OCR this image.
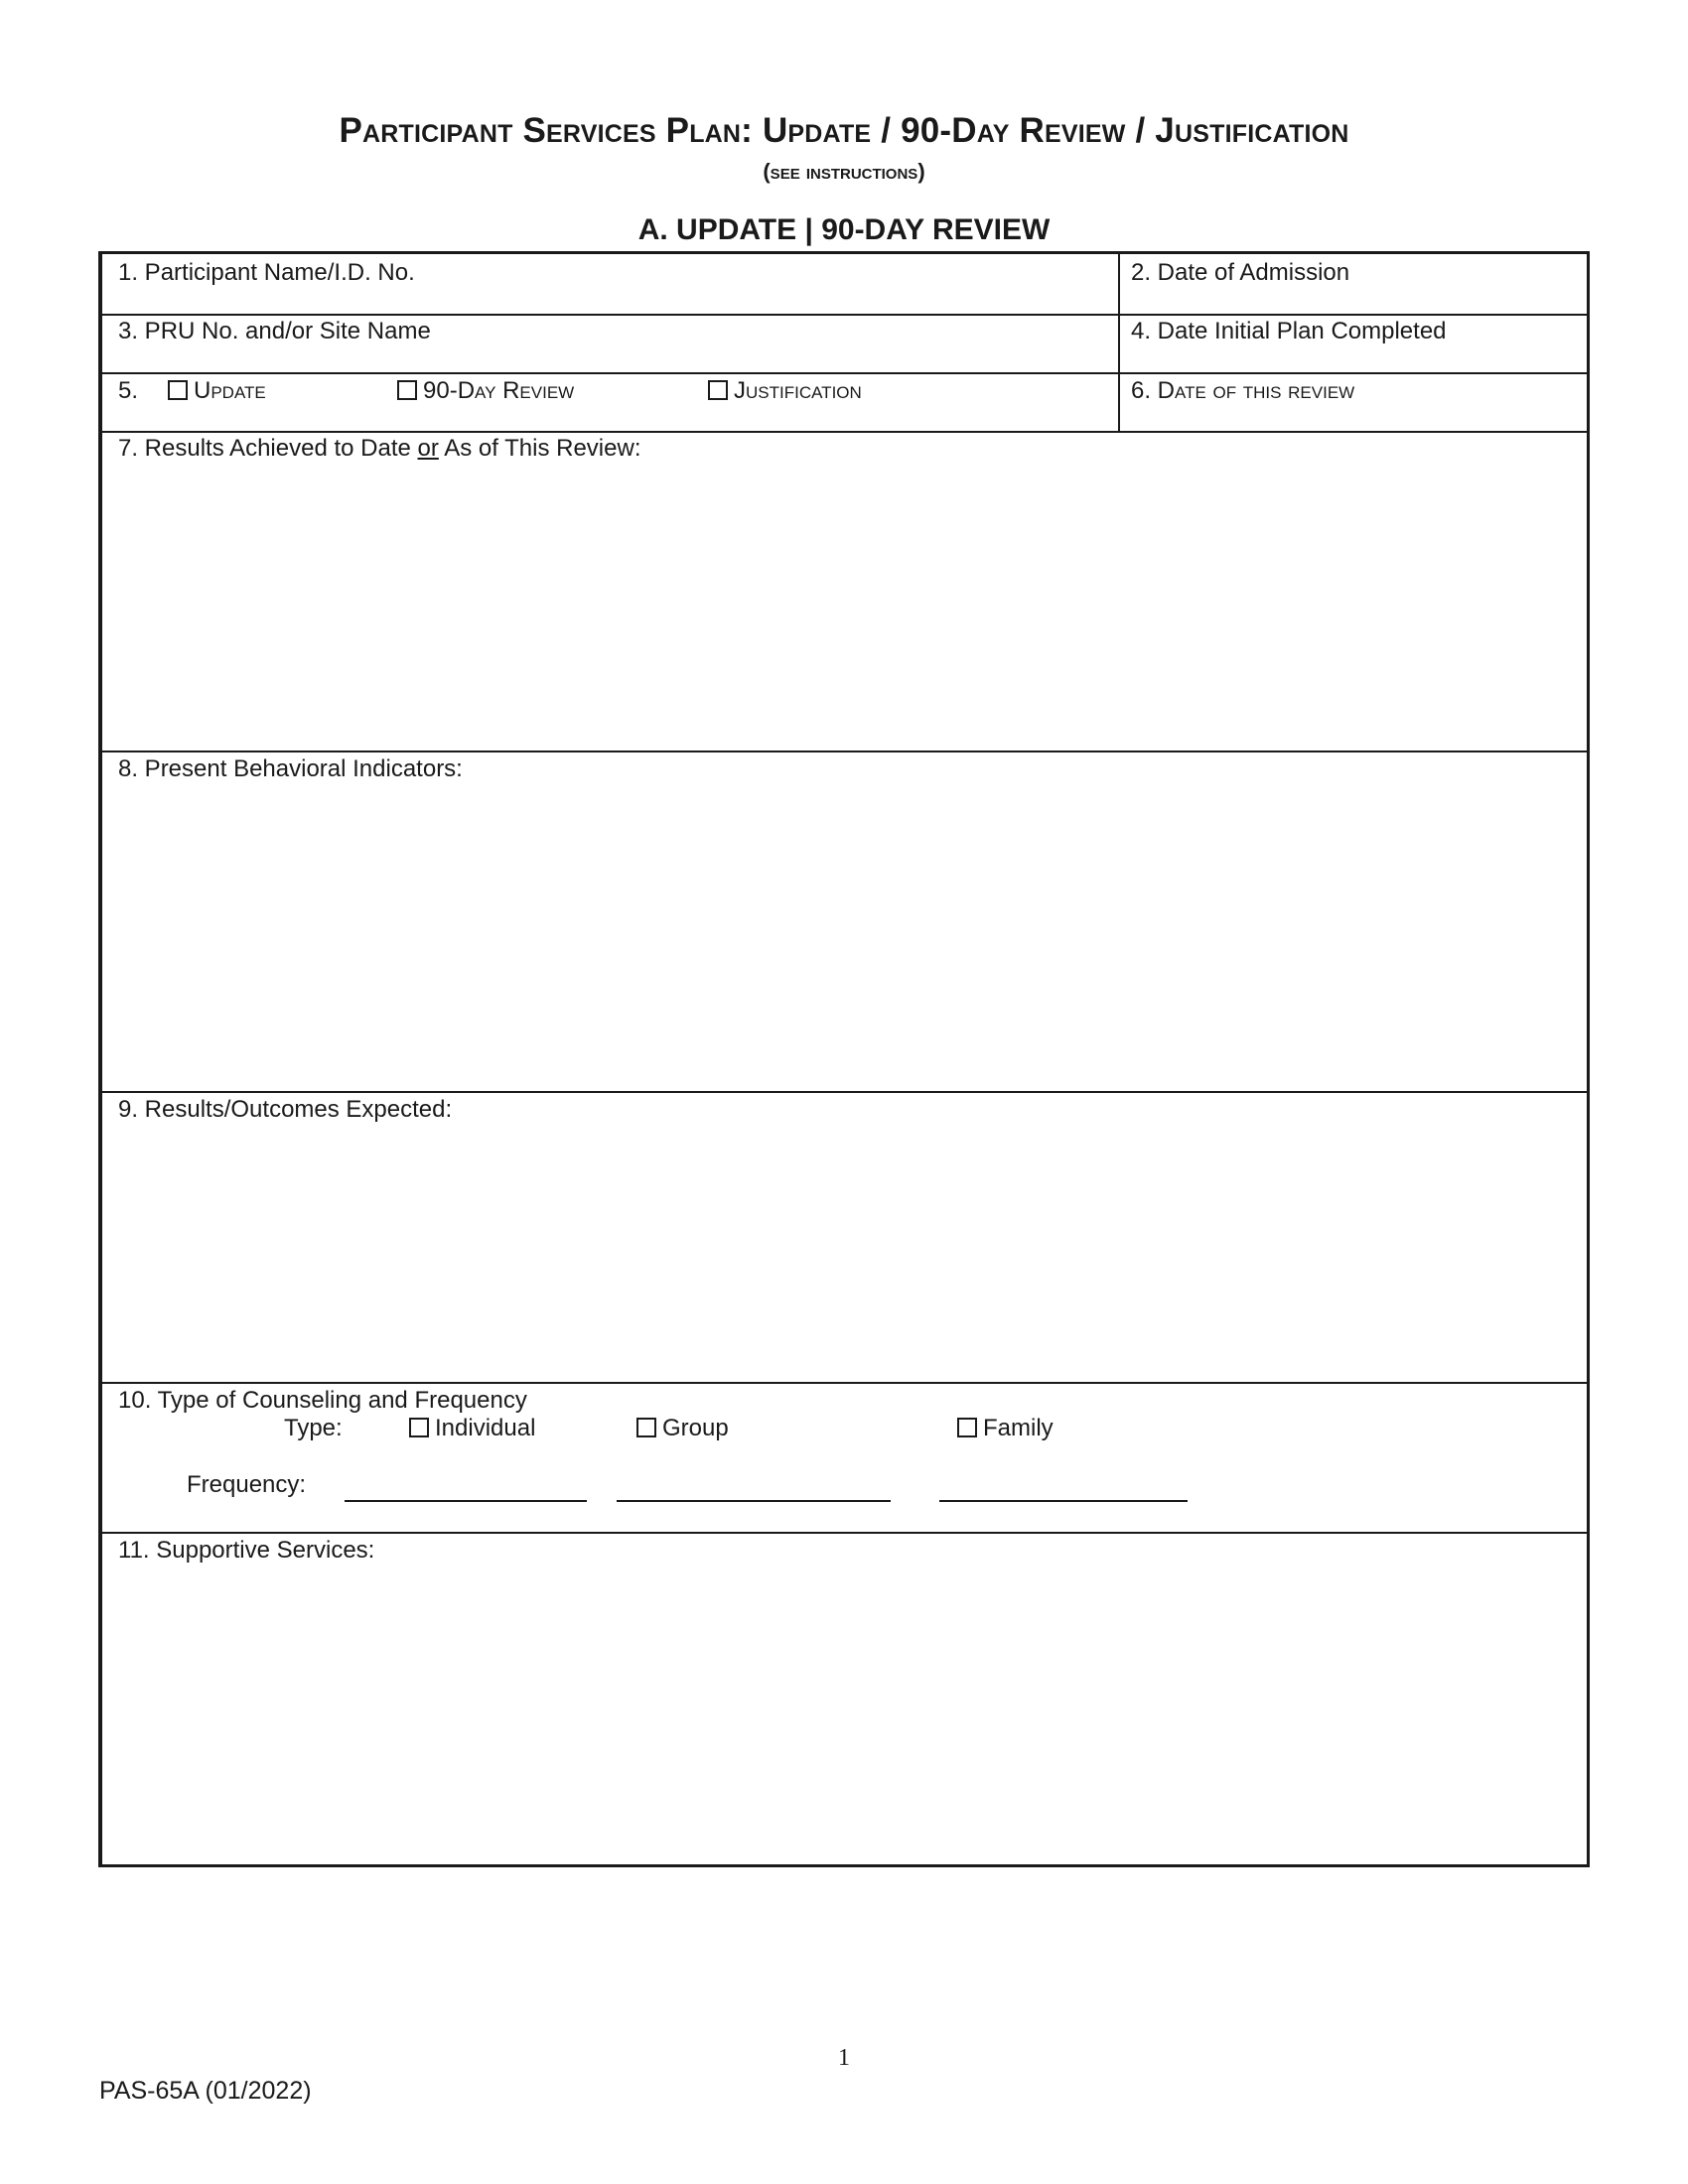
Participant Services Plan: Update / 90-Day Review / Justification
(see instructions)
A. UPDATE | 90-DAY REVIEW
1. Participant Name/I.D. No.	2. Date of Admission
3. PRU No. and/or Site Name	4. Date Initial Plan Completed
5.	Update	90-Day Review	Justification	6. Date of this review
7. Results Achieved to Date or As of This Review:
8. Present Behavioral Indicators:
9. Results/Outcomes Expected:
10. Type of Counseling and Frequency
Type:	Individual	Group	Family
Frequency:
11. Supportive Services:
1
PAS-65A (01/2022)
